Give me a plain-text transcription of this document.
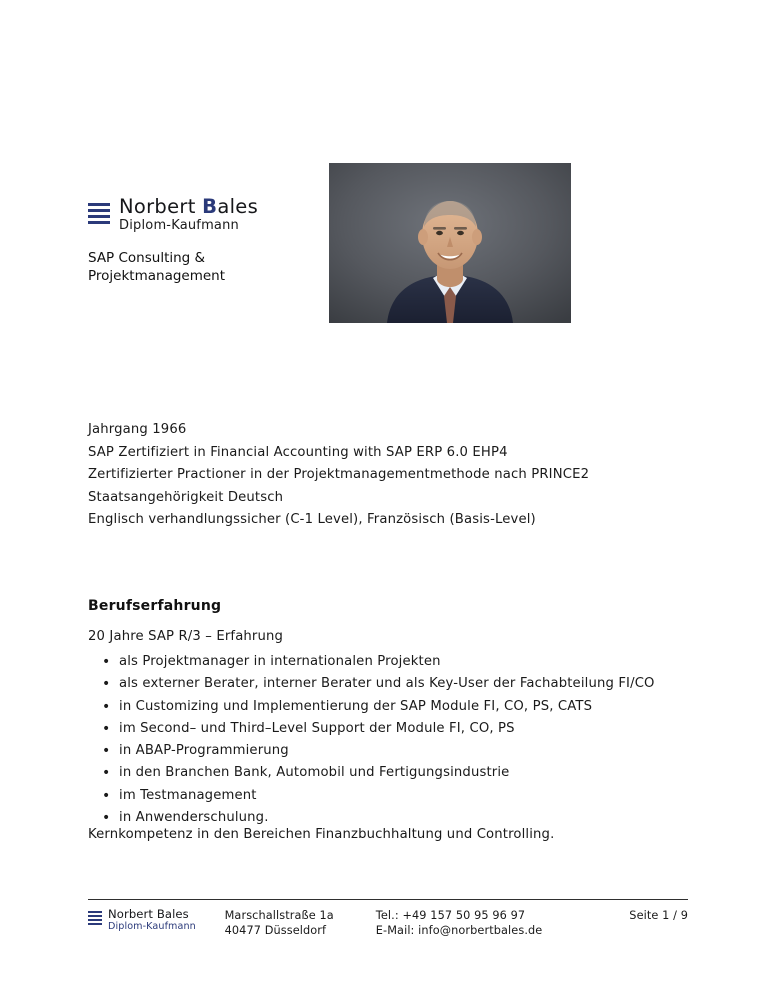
Norbert Bales
Diplom-Kaufmann
SAP Consulting &
Projektmanagement
Jahrgang 1966
SAP Zertifiziert in Financial Accounting with SAP ERP 6.0 EHP4
Zertifizierter Practioner in der Projektmanagementmethode nach PRINCE2
Staatsangehörigkeit Deutsch
Englisch verhandlungssicher (C-1 Level), Französisch (Basis-Level)
Berufserfahrung
20 Jahre SAP R/3 – Erfahrung
• als Projektmanager in internationalen Projekten
• als externer Berater, interner Berater und als Key-User der Fachabteilung FI/CO
• in Customizing und Implementierung der SAP Module FI, CO, PS, CATS
• im Second– und Third–Level Support der Module FI, CO, PS
• in ABAP-Programmierung
• in den Branchen Bank, Automobil und Fertigungsindustrie
• im Testmanagement
• in Anwenderschulung.
Kernkompetenz in den Bereichen Finanzbuchhaltung und Controlling.
Norbert Bales
Diplom-Kaufmann
Marschallstraße 1a
40477 Düsseldorf
Tel.: +49 157 50 95 96 97
E-Mail: info@norbertbales.de
Seite 1 / 9
